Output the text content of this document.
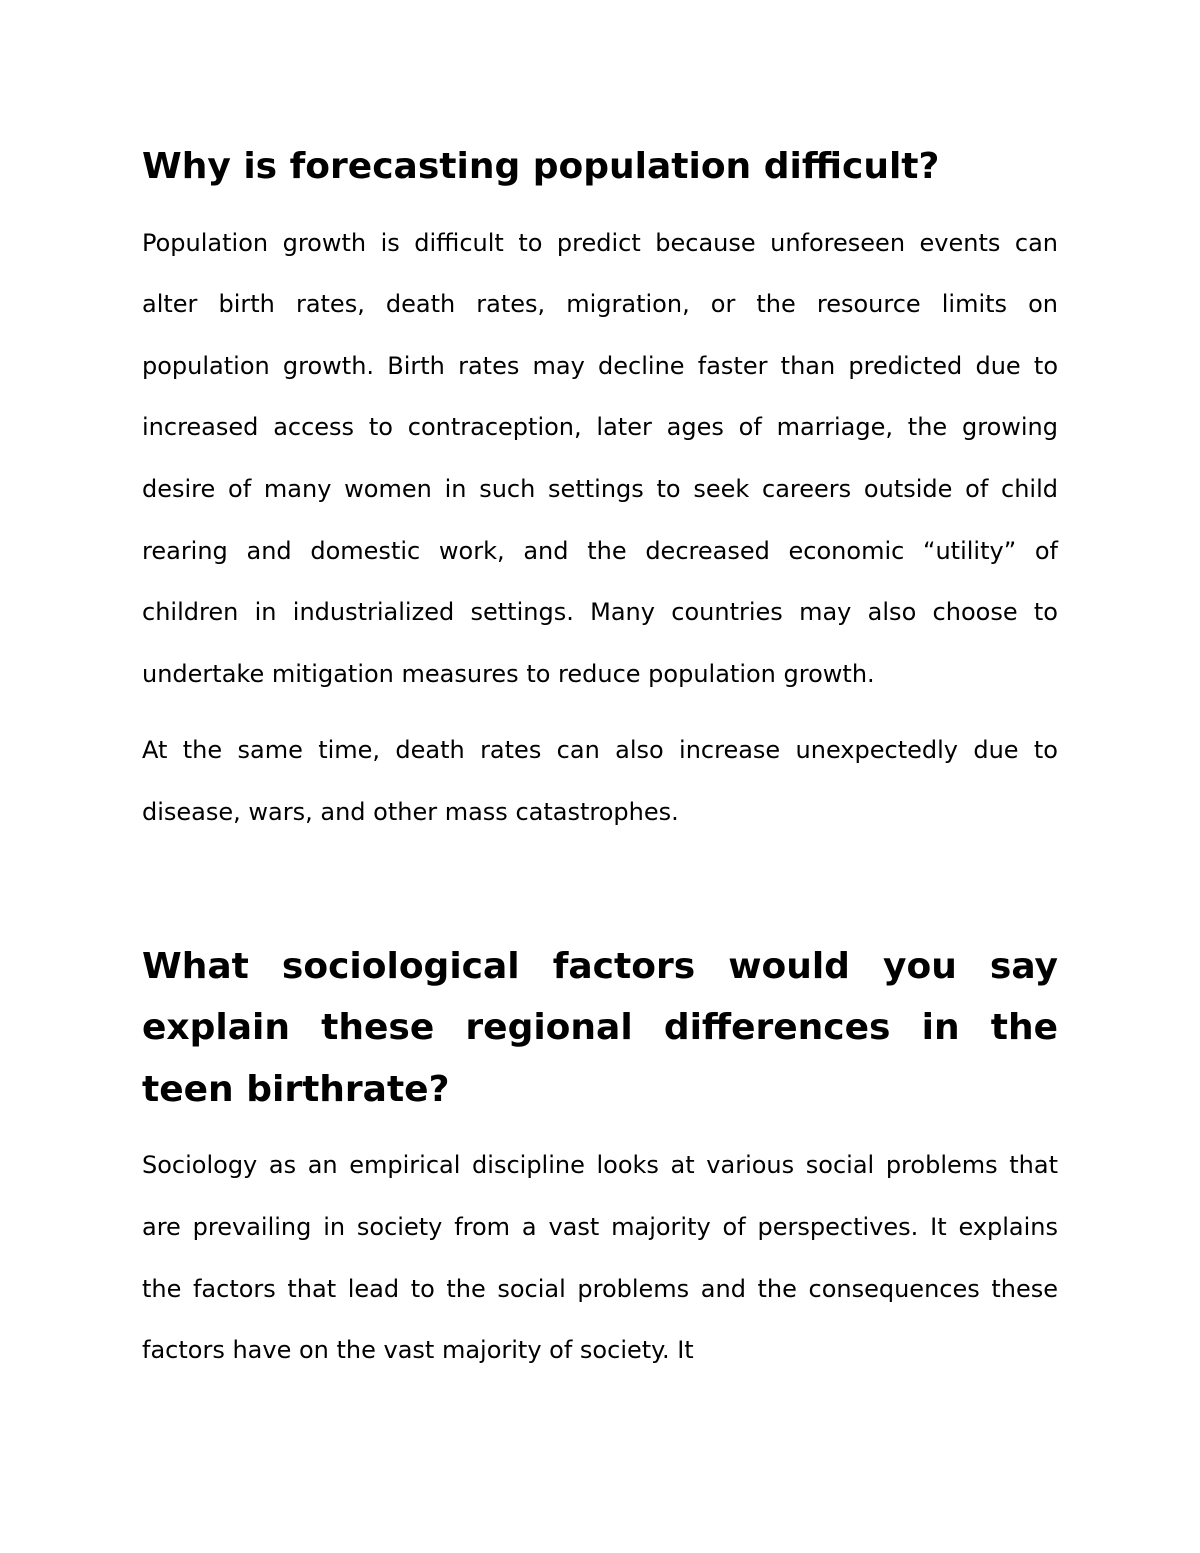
Why is forecasting population difficult?

Population growth is difficult to predict because unforeseen events can alter birth rates, death rates, migration, or the resource limits on population growth. Birth rates may decline faster than predicted due to increased access to contraception, later ages of marriage, the growing desire of many women in such settings to seek careers outside of child rearing and domestic work, and the decreased economic “utility” of children in industrialized settings. Many countries may also choose to undertake mitigation measures to reduce population growth.

At the same time, death rates can also increase unexpectedly due to disease, wars, and other mass catastrophes.

What sociological factors would you say explain these regional differences in the teen birthrate?

Sociology as an empirical discipline looks at various social problems that are prevailing in society from a vast majority of perspectives. It explains the factors that lead to the social problems and the consequences these factors have on the vast majority of society. It
